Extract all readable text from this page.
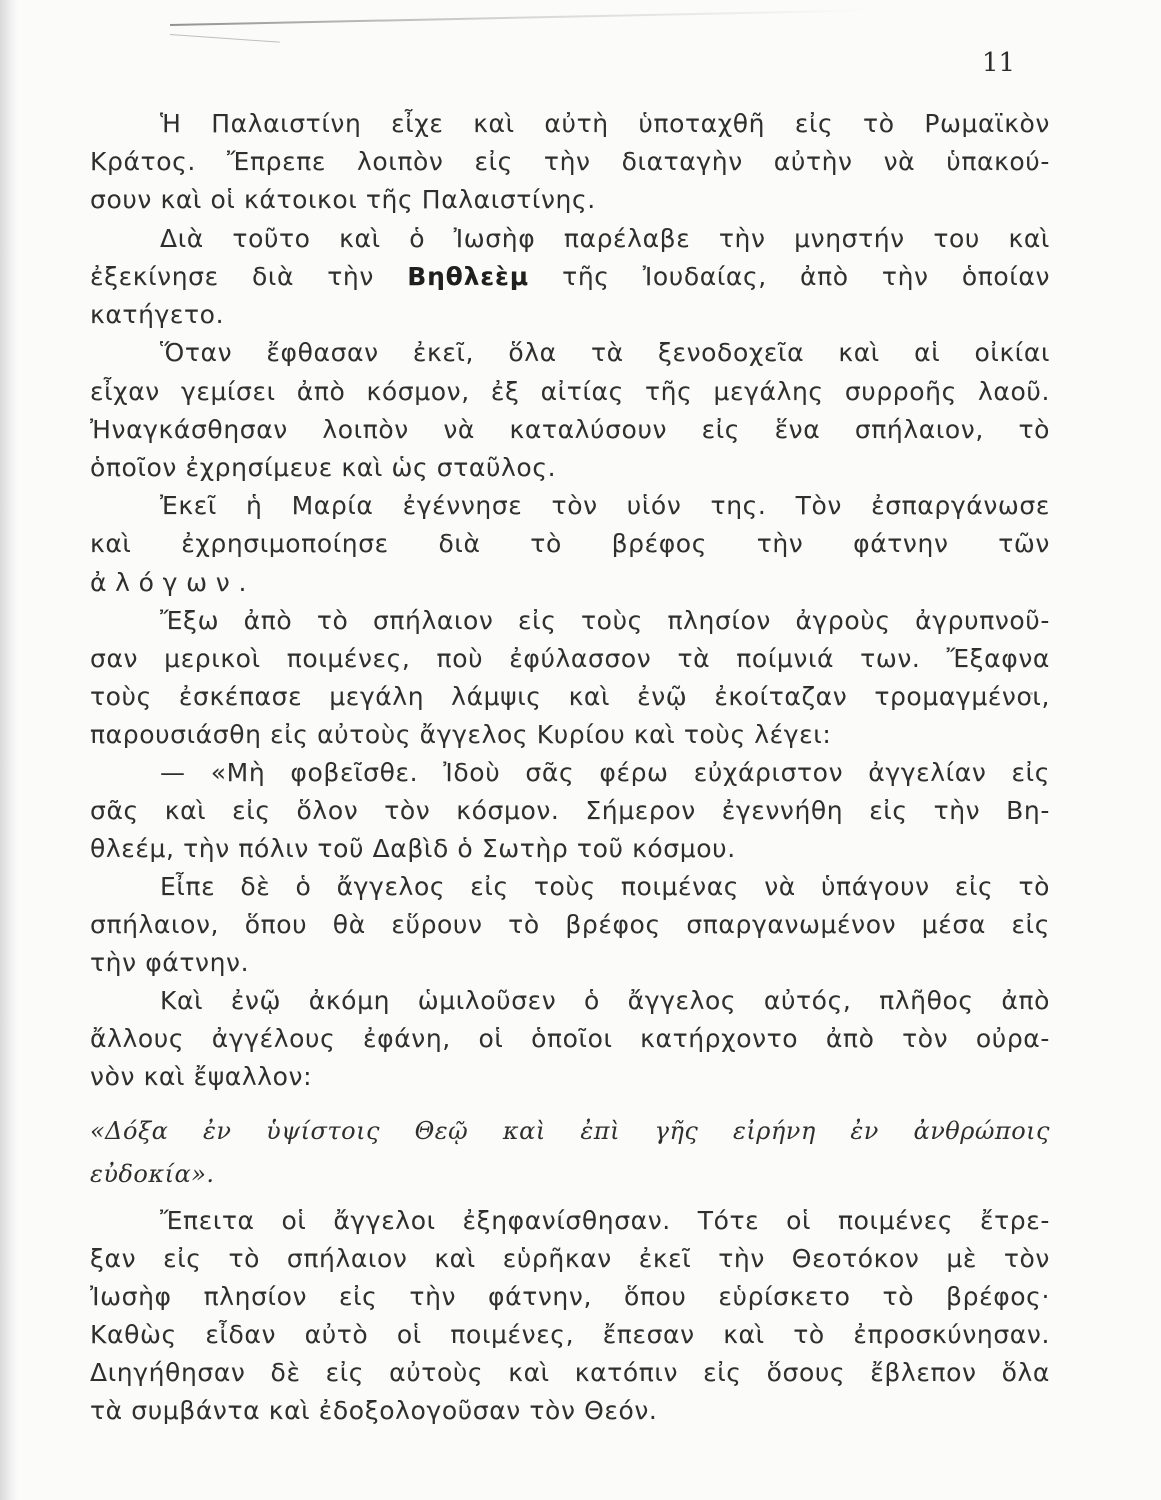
11
Ἡ Παλαιστίνη εἶχε καὶ αὐτὴ ὑποταχθῆ εἰς τὸ Ρωμαϊκὸν
Κράτος. Ἔπρεπε λοιπὸν εἰς τὴν διαταγὴν αὐτὴν νὰ ὑπακού-
σουν καὶ οἱ κάτοικοι τῆς Παλαιστίνης.
Διὰ τοῦτο καὶ ὁ Ἰωσὴφ παρέλαβε τὴν μνηστήν του καὶ
ἐξεκίνησε διὰ τὴν Βηθλεὲμ τῆς Ἰουδαίας, ἀπὸ τὴν ὁποίαν
κατήγετο.
Ὅταν ἔφθασαν ἐκεῖ, ὅλα τὰ ξενοδοχεῖα καὶ αἱ οἰκίαι
εἶχαν γεμίσει ἀπὸ κόσμον, ἐξ αἰτίας τῆς μεγάλης συρροῆς λαοῦ.
Ἠναγκάσθησαν λοιπὸν νὰ καταλύσουν εἰς ἕνα σπήλαιον, τὸ
ὁποῖον ἐχρησίμευε καὶ ὡς σταῦλος.
Ἐκεῖ ἡ Μαρία ἐγέννησε τὸν υἱόν της. Τὸν ἐσπαργάνωσε
καὶ ἐχρησιμοποίησε διὰ τὸ βρέφος τὴν φάτνην τῶν
ἀλόγων.
Ἔξω ἀπὸ τὸ σπήλαιον εἰς τοὺς πλησίον ἀγροὺς ἀγρυπνοῦ-
σαν μερικοὶ ποιμένες, ποὺ ἐφύλασσον τὰ ποίμνιά των. Ἔξαφνα
τοὺς ἐσκέπασε μεγάλη λάμψις καὶ ἐνῷ ἐκοίταζαν τρομαγμένοι,
παρουσιάσθη εἰς αὐτοὺς ἄγγελος Κυρίου καὶ τοὺς λέγει:
— «Μὴ φοβεῖσθε. Ἰδοὺ σᾶς φέρω εὐχάριστον ἀγγελίαν εἰς
σᾶς καὶ εἰς ὅλον τὸν κόσμον. Σήμερον ἐγεννήθη εἰς τὴν Βη-
θλεέμ, τὴν πόλιν τοῦ Δαβὶδ ὁ Σωτὴρ τοῦ κόσμου.
Εἶπε δὲ ὁ ἄγγελος εἰς τοὺς ποιμένας νὰ ὑπάγουν εἰς τὸ
σπήλαιον, ὅπου θὰ εὕρουν τὸ βρέφος σπαργανωμένον μέσα εἰς
τὴν φάτνην.
Καὶ ἐνῷ ἀκόμη ὡμιλοῦσεν ὁ ἄγγελος αὐτός, πλῆθος ἀπὸ
ἄλλους ἀγγέλους ἐφάνη, οἱ ὁποῖοι κατήρχοντο ἀπὸ τὸν οὐρα-
νὸν καὶ ἔψαλλον:
«Δόξα ἐν ὑψίστοις Θεῷ καὶ ἐπὶ γῆς εἰρήνη ἐν ἀνθρώποις
εὐδοκία».
Ἔπειτα οἱ ἄγγελοι ἐξηφανίσθησαν. Τότε οἱ ποιμένες ἔτρε-
ξαν εἰς τὸ σπήλαιον καὶ εὑρῆκαν ἐκεῖ τὴν Θεοτόκον μὲ τὸν
Ἰωσὴφ πλησίον εἰς τὴν φάτνην, ὅπου εὑρίσκετο τὸ βρέφος·
Καθὼς εἶδαν αὐτὸ οἱ ποιμένες, ἔπεσαν καὶ τὸ ἐπροσκύνησαν.
Διηγήθησαν δὲ εἰς αὐτοὺς καὶ κατόπιν εἰς ὅσους ἔβλεπον ὅλα
τὰ συμβάντα καὶ ἐδοξολογοῦσαν τὸν Θεόν.
